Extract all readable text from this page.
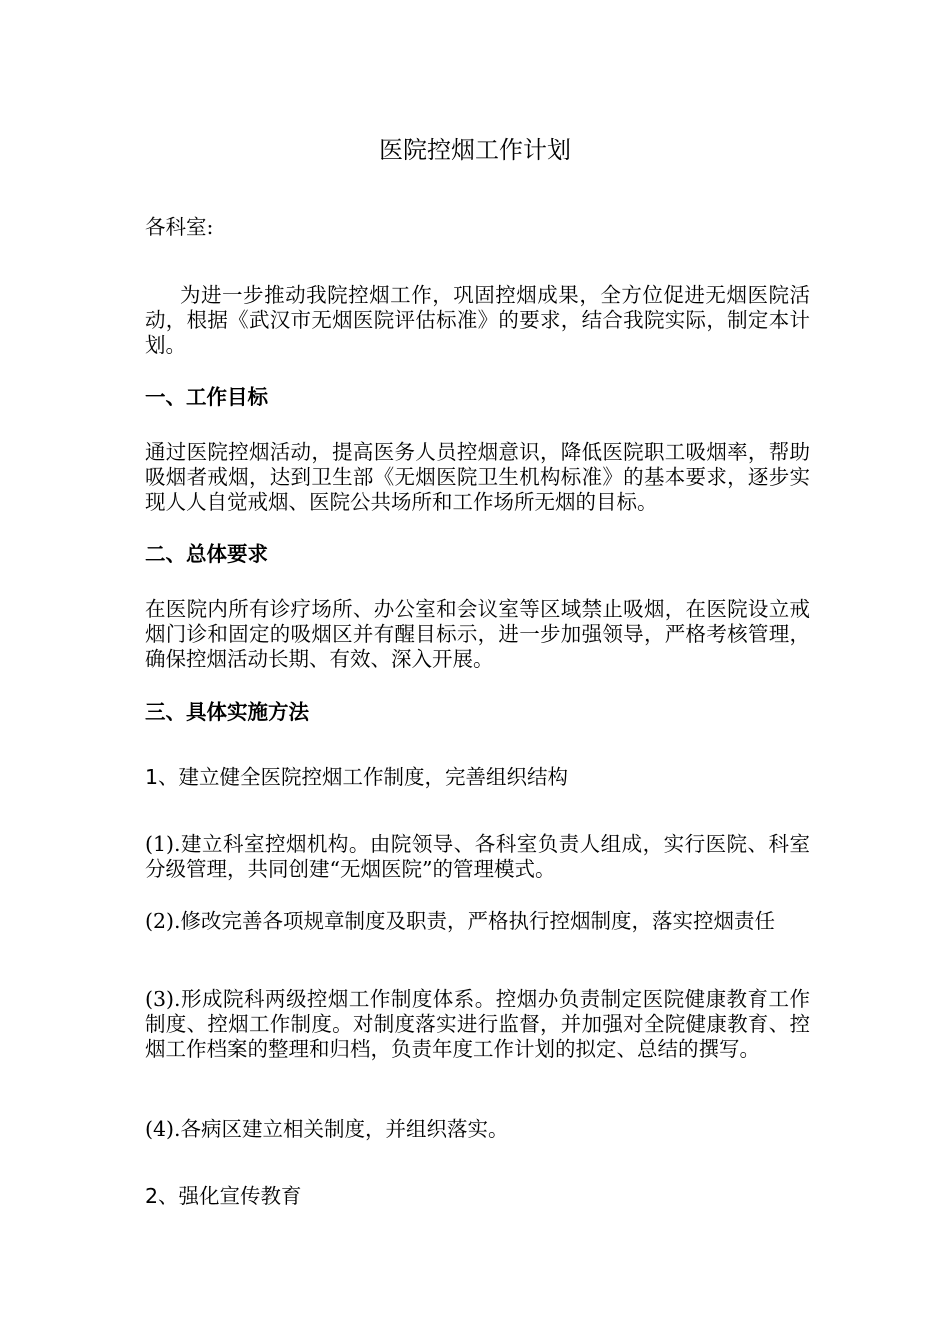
医院控烟工作计划

各科室:

为进一步推动我院控烟工作，巩固控烟成果，全方位促进无烟医院活动，根据《武汉市无烟医院评估标准》的要求，结合我院实际，制定本计划。

一、工作目标

通过医院控烟活动，提高医务人员控烟意识，降低医院职工吸烟率，帮助吸烟者戒烟，达到卫生部《无烟医院卫生机构标准》的基本要求，逐步实现人人自觉戒烟、医院公共场所和工作场所无烟的目标。

二、总体要求

在医院内所有诊疗场所、办公室和会议室等区域禁止吸烟，在医院设立戒烟门诊和固定的吸烟区并有醒目标示，进一步加强领导，严格考核管理，确保控烟活动长期、有效、深入开展。

三、具体实施方法

1、建立健全医院控烟工作制度，完善组织结构

(1).建立科室控烟机构。由院领导、各科室负责人组成，实行医院、科室分级管理，共同创建“无烟医院”的管理模式。

(2).修改完善各项规章制度及职责，严格执行控烟制度，落实控烟责任

(3).形成院科两级控烟工作制度体系。控烟办负责制定医院健康教育工作制度、控烟工作制度。对制度落实进行监督，并加强对全院健康教育、控烟工作档案的整理和归档，负责年度工作计划的拟定、总结的撰写。

(4).各病区建立相关制度，并组织落实。

2、强化宣传教育
